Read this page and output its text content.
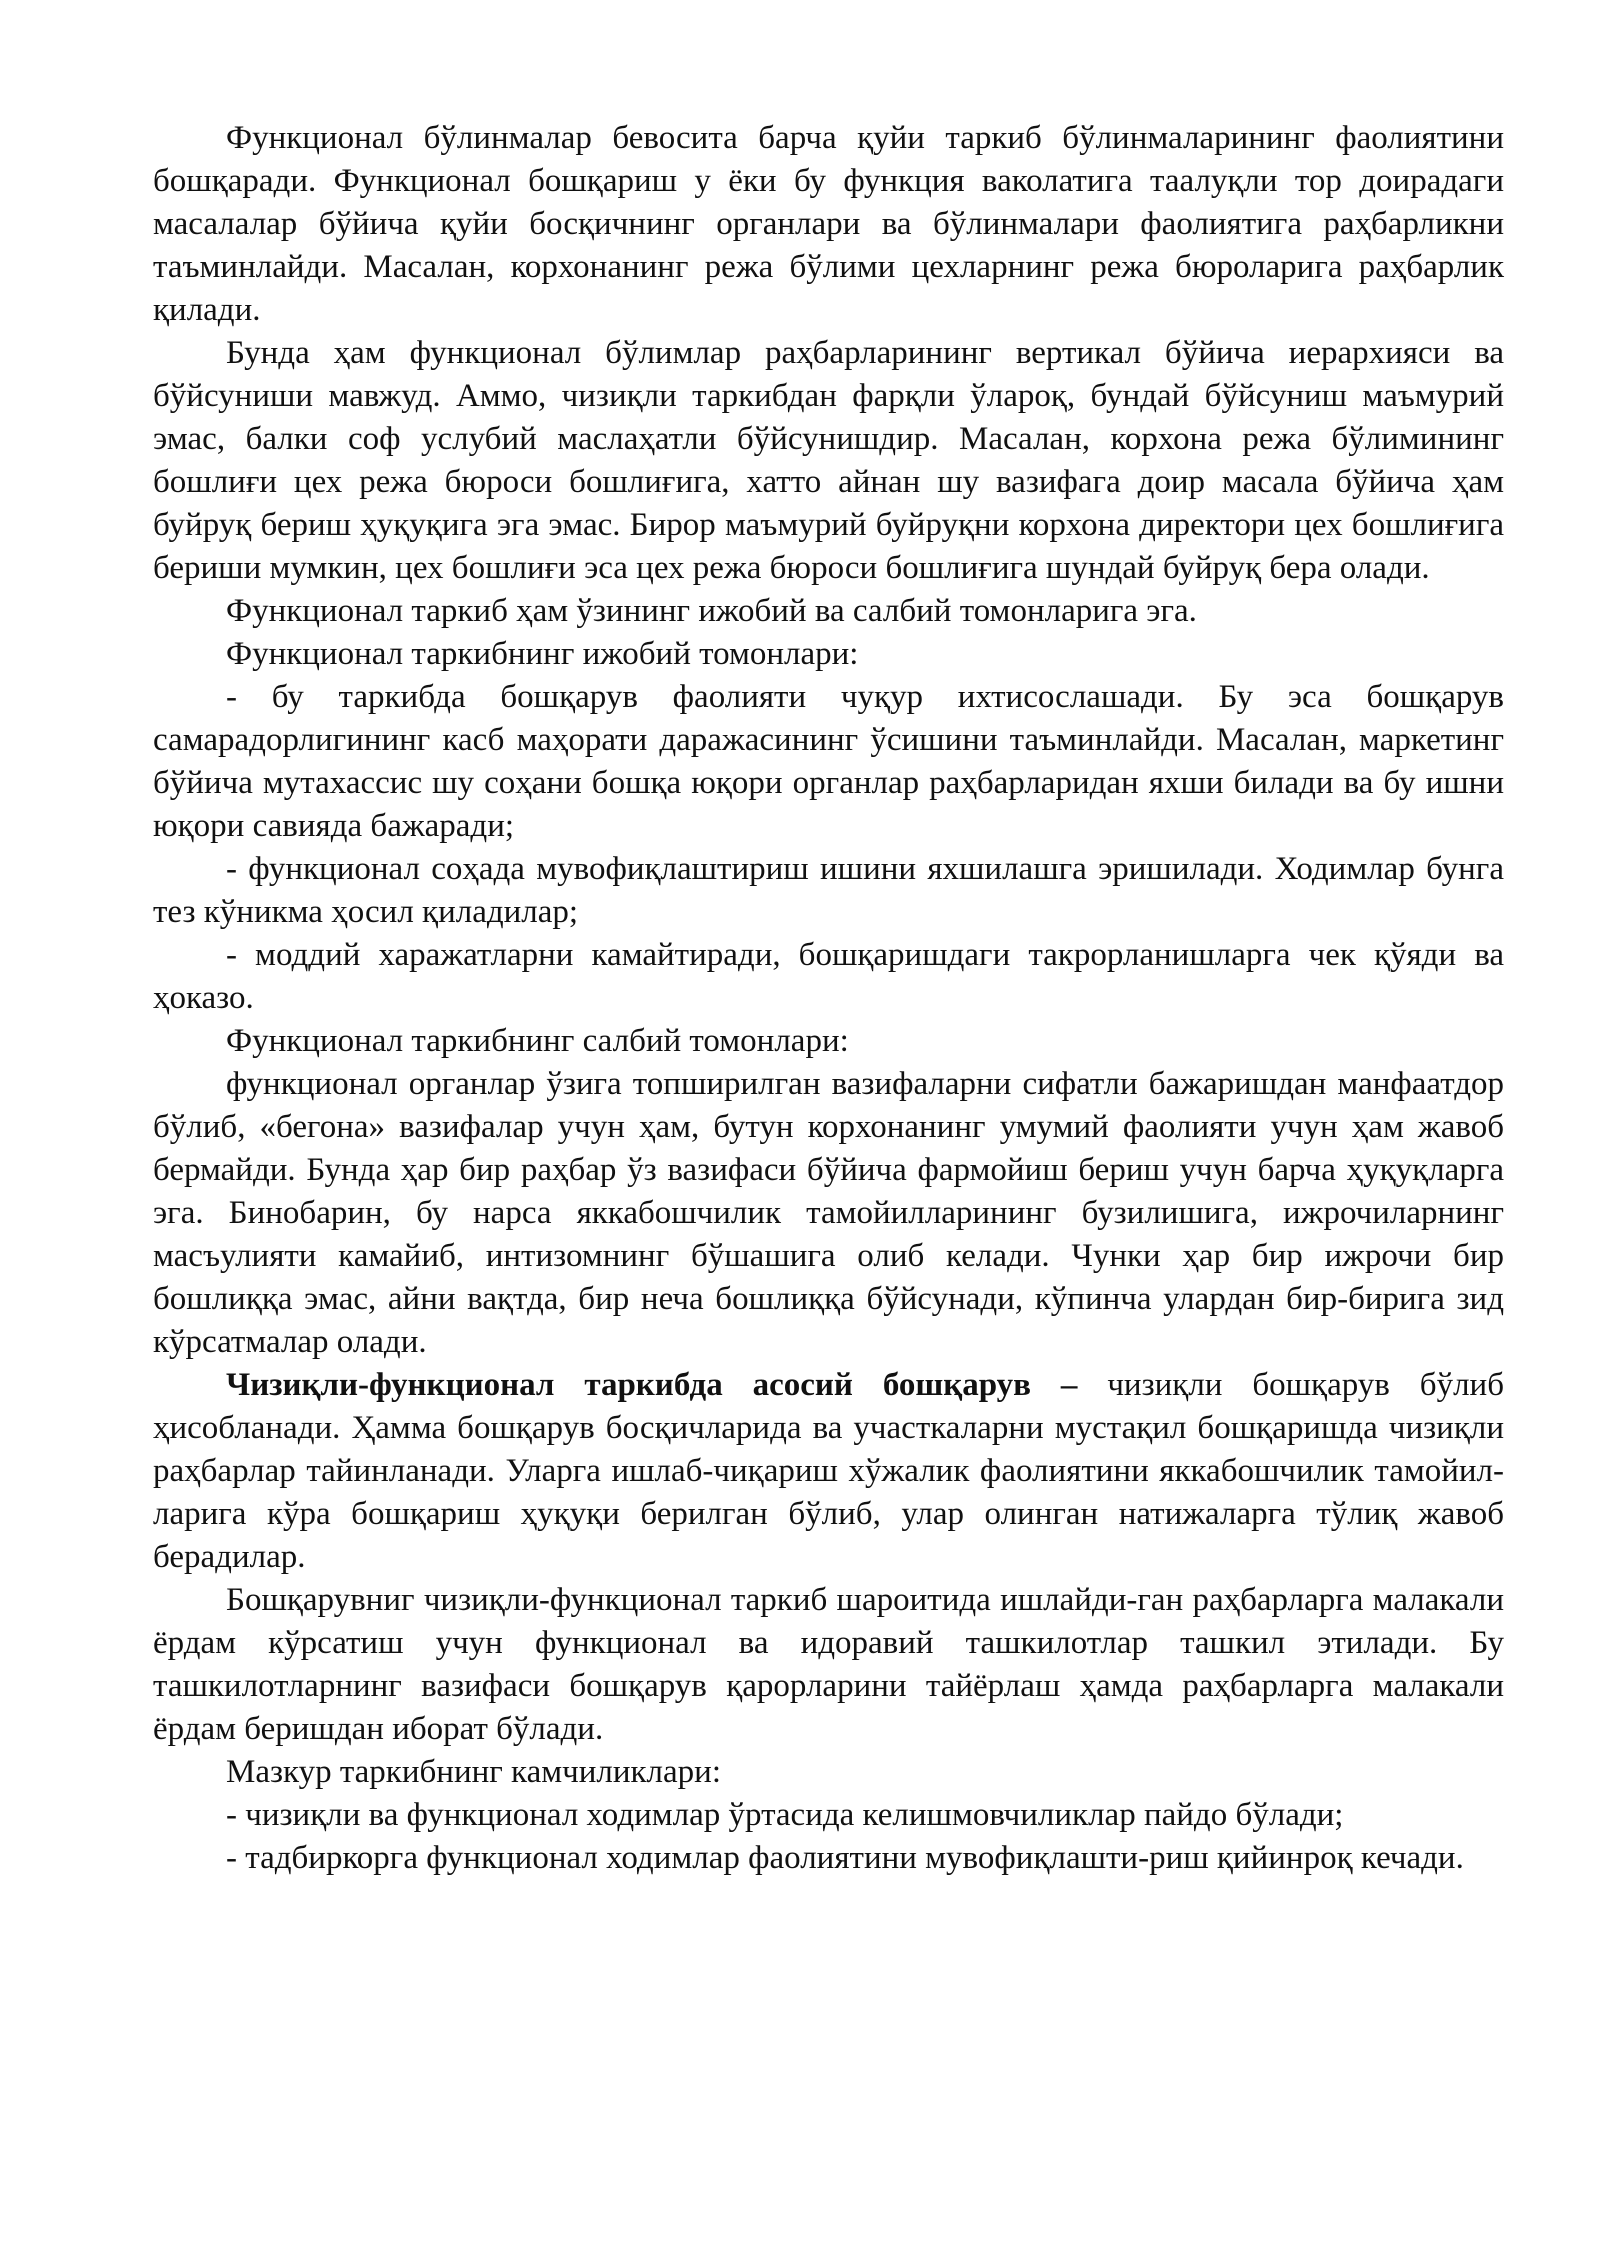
Функционал бўлинмалар бевосита барча қуйи таркиб бўлинмаларининг фаолиятини бошқаради. Функционал бошқариш у ёки бу функция ваколатига таалуқли тор доирадаги масалалар бўйича қуйи босқичнинг органлари ва бўлинмалари фаолиятига раҳбарликни таъминлайди. Масалан, корхонанинг режа бўлими цехларнинг режа бюроларига раҳбарлик қилади.

Бунда ҳам функционал бўлимлар раҳбарларининг вертикал бўйича иерархияси ва бўйсуниши мавжуд. Аммо, чизиқли таркибдан фарқли ўлароқ, бундай бўйсуниш маъмурий эмас, балки соф услубий маслаҳатли бўйсунишдир. Масалан, корхона режа бўлимининг бошлиғи цех режа бюроси бошлиғига, хатто айнан шу вазифага доир масала бўйича ҳам буйруқ бериш ҳуқуқига эга эмас. Бирор маъмурий буйруқни корхона директори цех бошлиғига бериши мумкин, цех бошлиғи эса цех режа бюроси бошлиғига шундай буйруқ бера олади.

Функционал таркиб ҳам ўзининг ижобий ва салбий томонларига эга.

Функционал таркибнинг ижобий томонлари:

- бу таркибда бошқарув фаолияти чуқур ихтисослашади. Бу эса бошқарув самарадорлигининг касб маҳорати даражасининг ўсишини таъминлайди. Масалан, маркетинг бўйича мутахассис шу соҳани бошқа юқори органлар раҳбарларидан яхши билади ва бу ишни юқори савияда бажаради;

- функционал соҳада мувофиқлаштириш ишини яхшилашга эришилади. Ходимлар бунга тез кўникма ҳосил қиладилар;

- моддий харажатларни камайтиради, бошқаришдаги такрорланишларга чек қўяди ва ҳоказо.

Функционал таркибнинг салбий томонлари:

функционал органлар ўзига топширилган вазифаларни сифатли бажаришдан манфаатдор бўлиб, «бегона» вазифалар учун ҳам, бутун корхонанинг умумий фаолияти учун ҳам жавоб бермайди. Бунда ҳар бир раҳбар ўз вазифаси бўйича фармойиш бериш учун барча ҳуқуқларга эга. Бинобарин, бу нарса яккабошчилик тамойилларининг бузилишига, ижрочиларнинг масъулияти камайиб, интизомнинг бўшашига олиб келади. Чунки ҳар бир ижрочи бир бошлиққа эмас, айни вақтда, бир неча бошлиққа бўйсунади, кўпинча улардан бир-бирига зид кўрсатмалар олади.

Чизиқли-функционал таркибда асосий бошқарув – чизиқли бошқарув бўлиб ҳисобланади. Ҳамма бошқарув босқичларида ва участкаларни мустақил бошқаришда чизиқли раҳбарлар тайинланади. Уларга ишлаб-чиқариш хўжалик фаолиятини яккабошчилик тамойил-ларига кўра бошқариш ҳуқуқи берилган бўлиб, улар олинган натижаларга тўлиқ жавоб берадилар.

Бошқарувниг чизиқли-функционал таркиб шароитида ишлайди-ган раҳбарларга малакали ёрдам кўрсатиш учун функционал ва идоравий ташкилотлар ташкил этилади. Бу ташкилотларнинг вазифаси бошқарув қарорларини тайёрлаш ҳамда раҳбарларга малакали ёрдам беришдан иборат бўлади.

Мазкур таркибнинг камчиликлари:

- чизиқли ва функционал ходимлар ўртасида келишмовчиликлар пайдо бўлади;

- тадбиркорга функционал ходимлар фаолиятини мувофиқлашти-риш қийинроқ кечади.
